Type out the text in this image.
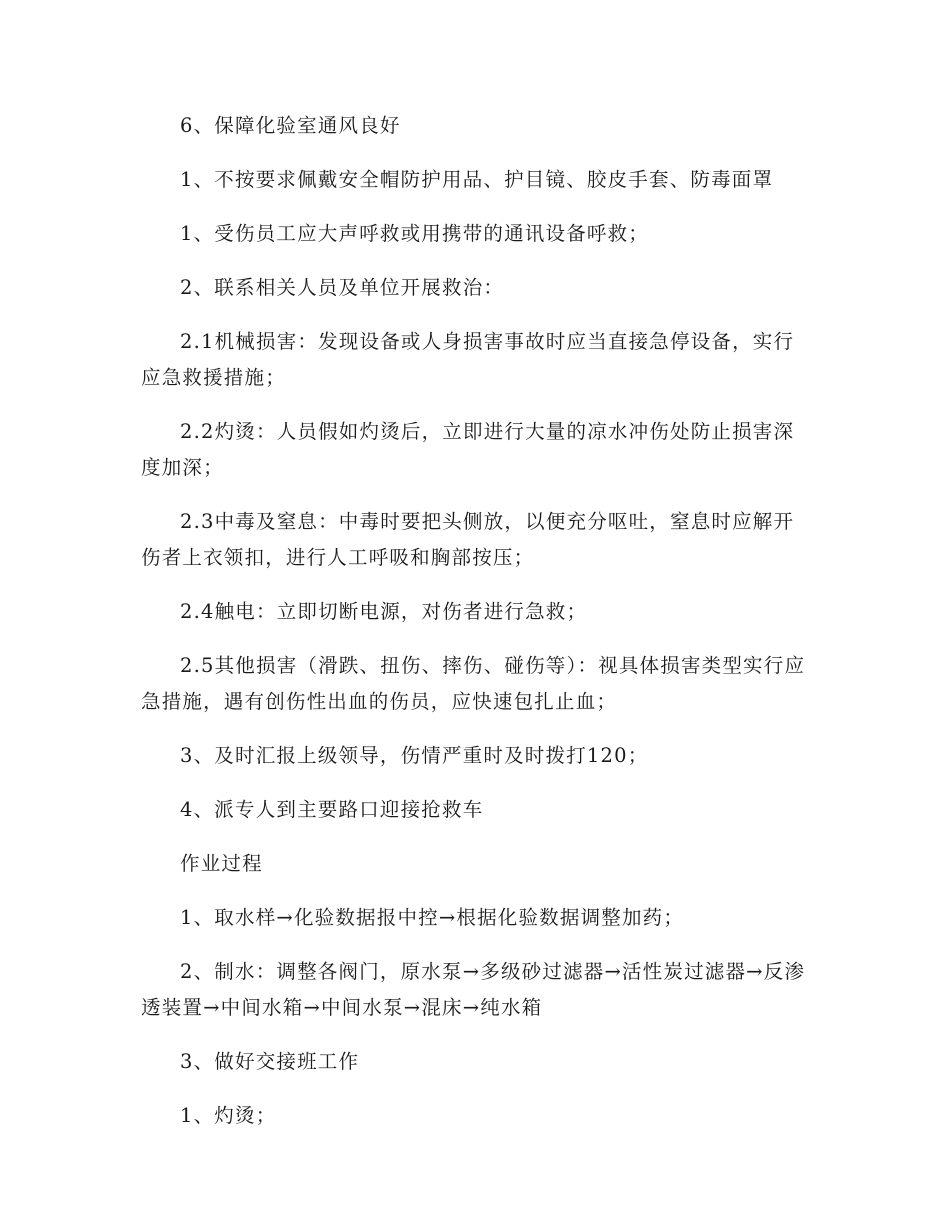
6、保障化验室通风良好

1、不按要求佩戴安全帽防护用品、护目镜、胶皮手套、防毒面罩

1、受伤员工应大声呼救或用携带的通讯设备呼救；

2、联系相关人员及单位开展救治：

2.1机械损害：发现设备或人身损害事故时应当直接急停设备，实行应急救援措施；

2.2灼烫：人员假如灼烫后，立即进行大量的凉水冲伤处防止损害深度加深；

2.3中毒及窒息：中毒时要把头侧放，以便充分呕吐，窒息时应解开伤者上衣领扣，进行人工呼吸和胸部按压；

2.4触电：立即切断电源，对伤者进行急救；

2.5其他损害（滑跌、扭伤、摔伤、碰伤等）：视具体损害类型实行应急措施，遇有创伤性出血的伤员，应快速包扎止血；

3、及时汇报上级领导，伤情严重时及时拨打120；

4、派专人到主要路口迎接抢救车

作业过程

1、取水样→化验数据报中控→根据化验数据调整加药；

2、制水：调整各阀门，原水泵→多级砂过滤器→活性炭过滤器→反渗透装置→中间水箱→中间水泵→混床→纯水箱

3、做好交接班工作

1、灼烫；
